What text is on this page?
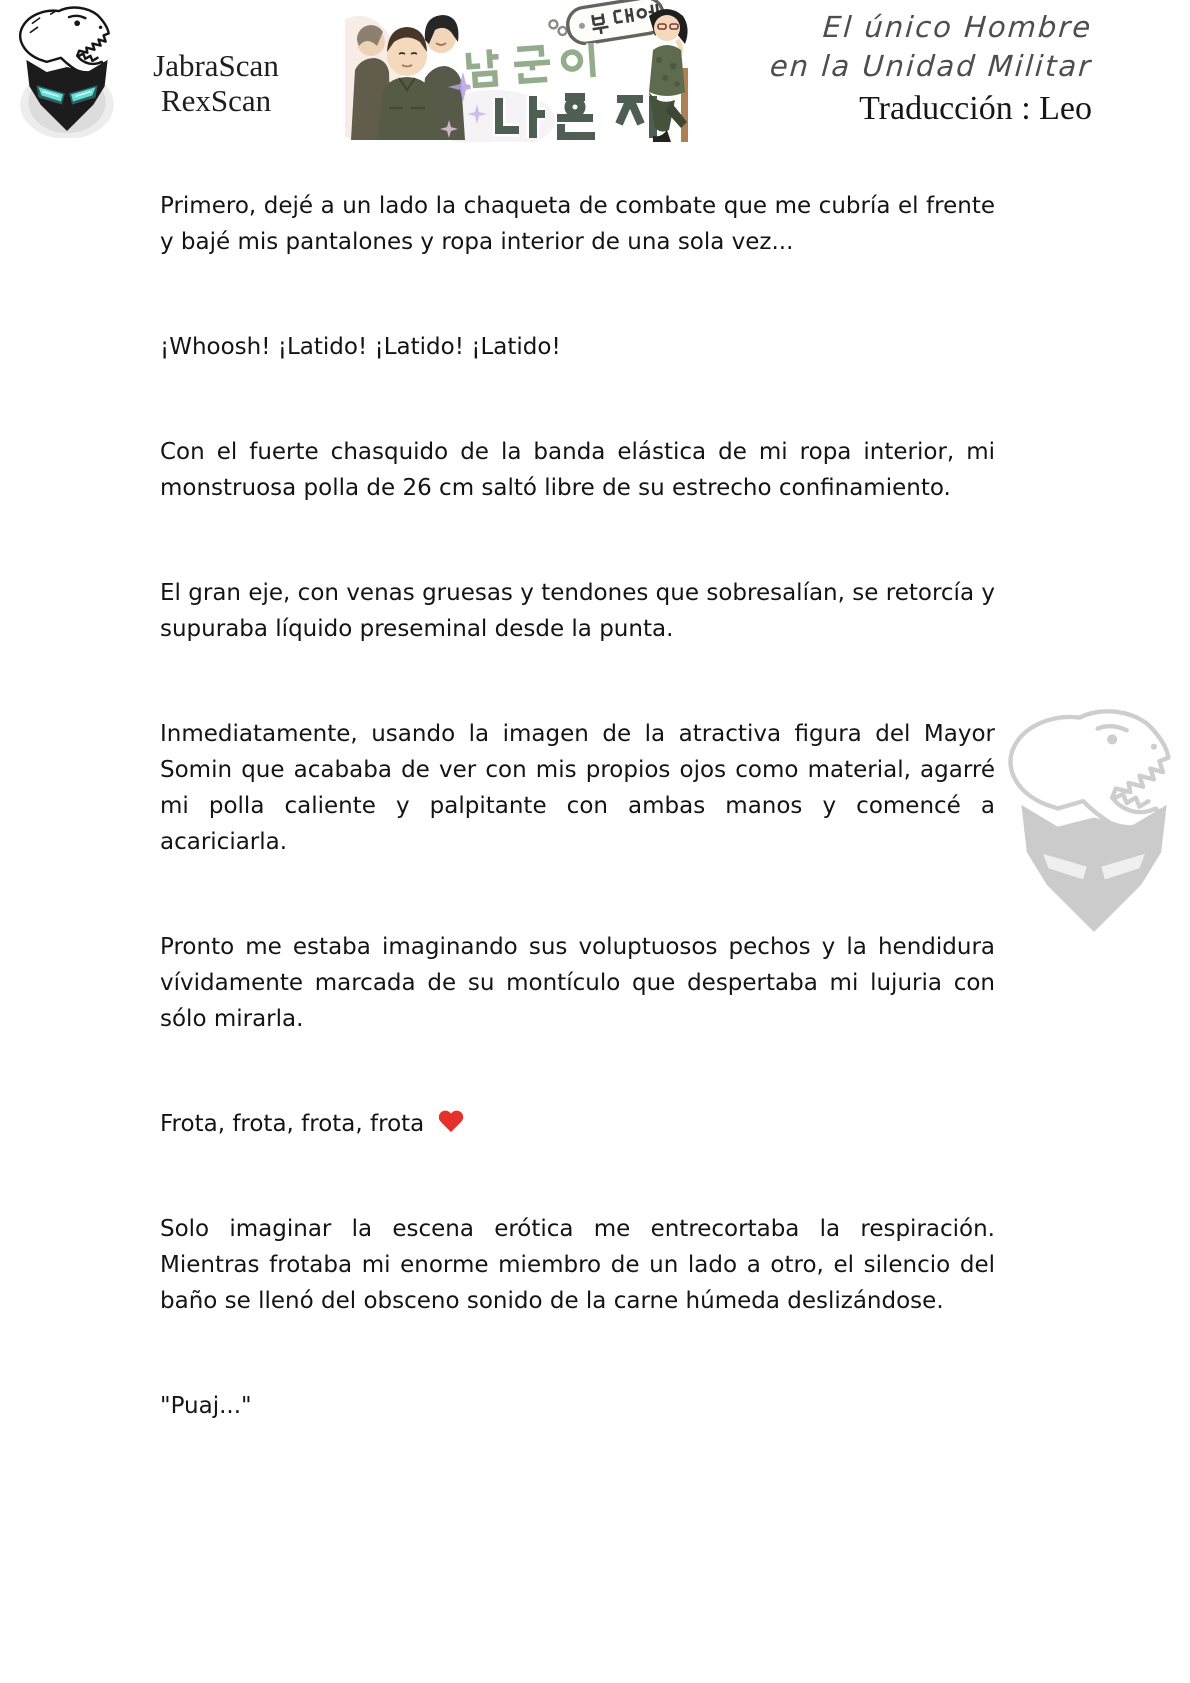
JabraScan
RexScan
El único Hombre
en la Unidad Militar
Traducción : Leo

Primero, dejé a un lado la chaqueta de combate que me cubría el frente y bajé mis pantalones y ropa interior de una sola vez...

¡Whoosh! ¡Latido! ¡Latido! ¡Latido!

Con el fuerte chasquido de la banda elástica de mi ropa interior, mi monstruosa polla de 26 cm saltó libre de su estrecho confinamiento.

El gran eje, con venas gruesas y tendones que sobresalían, se retorcía y supuraba líquido preseminal desde la punta.

Inmediatamente, usando la imagen de la atractiva figura del Mayor Somin que acababa de ver con mis propios ojos como material, agarré mi polla caliente y palpitante con ambas manos y comencé a acariciarla.

Pronto me estaba imaginando sus voluptuosos pechos y la hendidura vívidamente marcada de su montículo que despertaba mi lujuria con sólo mirarla.

Frota, frota, frota, frota

Solo imaginar la escena erótica me entrecortaba la respiración. Mientras frotaba mi enorme miembro de un lado a otro, el silencio del baño se llenó del obsceno sonido de la carne húmeda deslizándose.

"Puaj..."
